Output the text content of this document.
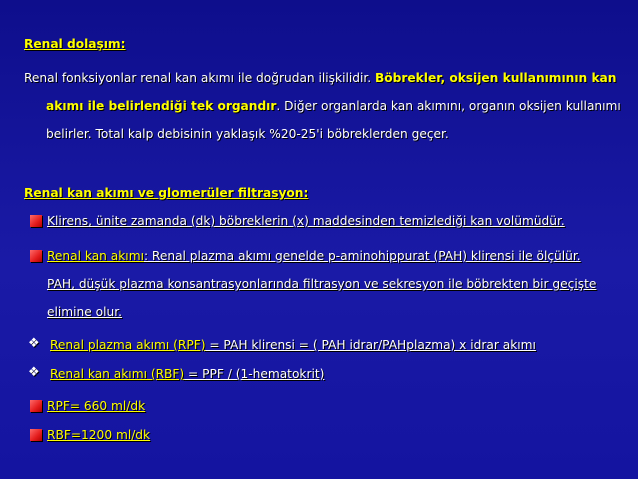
Renal dolaşım:
Renal fonksiyonlar renal kan akımı ile doğrudan ilişkilidir. Böbrekler, oksijen kullanımının kan
akımı ile belirlendiği tek organdır. Diğer organlarda kan akımını, organın oksijen kullanımı
belirler. Total kalp debisinin yaklaşık %20-25'i böbreklerden geçer.
Renal kan akımı ve glomerüler filtrasyon:
Klirens, ünite zamanda (dk) böbreklerin (x) maddesinden temizlediği kan volümüdür.
Renal kan akımı: Renal plazma akımı genelde p-aminohippurat (PAH) klirensi ile ölçülür.
PAH, düşük plazma konsantrasyonlarında filtrasyon ve sekresyon ile böbrekten bir geçişte
elimine olur.
❖ Renal plazma akımı (RPF) = PAH klirensi = ( PAH idrar/PAHplazma) x idrar akımı
❖ Renal kan akımı (RBF) = PPF / (1-hematokrit)
RPF= 660 ml/dk
RBF=1200 ml/dk
